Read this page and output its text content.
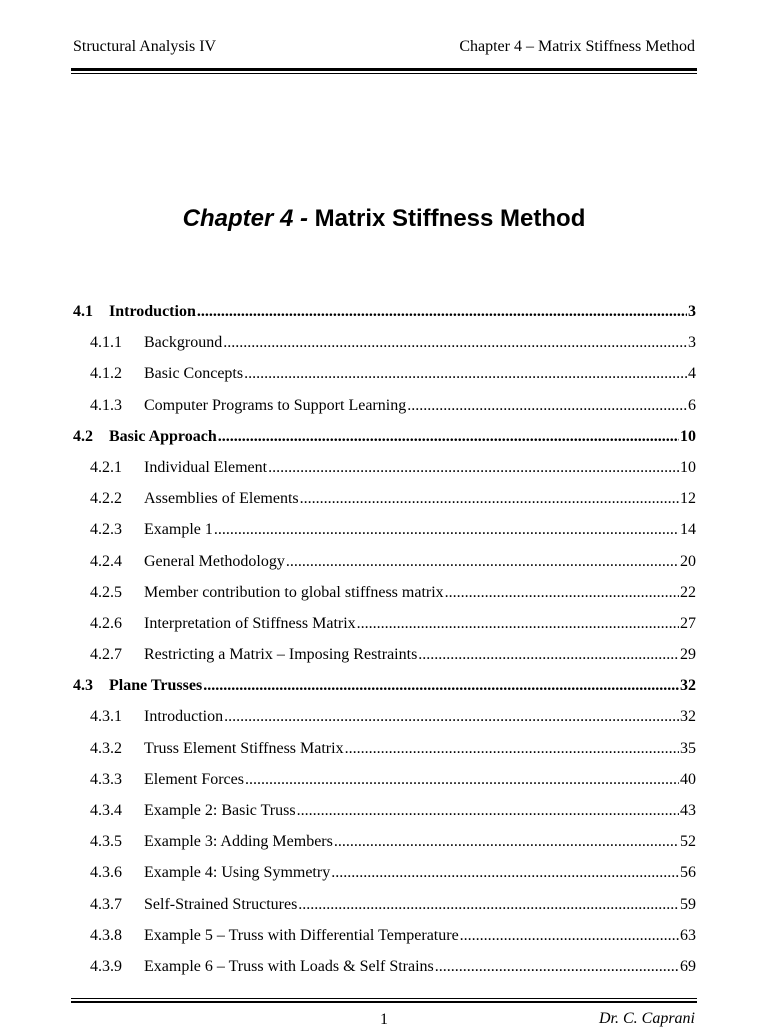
Structural Analysis IV	Chapter 4 – Matrix Stiffness Method
Chapter 4 - Matrix Stiffness Method
4.1	Introduction .....	3
4.1.1	Background .....	3
4.1.2	Basic Concepts .....	4
4.1.3	Computer Programs to Support Learning .....	6
4.2	Basic Approach .....	10
4.2.1	Individual Element .....	10
4.2.2	Assemblies of Elements .....	12
4.2.3	Example 1 .....	14
4.2.4	General Methodology .....	20
4.2.5	Member contribution to global stiffness matrix .....	22
4.2.6	Interpretation of Stiffness Matrix .....	27
4.2.7	Restricting a Matrix – Imposing Restraints .....	29
4.3	Plane Trusses .....	32
4.3.1	Introduction .....	32
4.3.2	Truss Element Stiffness Matrix .....	35
4.3.3	Element Forces .....	40
4.3.4	Example 2: Basic Truss .....	43
4.3.5	Example 3: Adding Members .....	52
4.3.6	Example 4: Using Symmetry .....	56
4.3.7	Self-Strained Structures .....	59
4.3.8	Example 5 – Truss with Differential Temperature .....	63
4.3.9	Example 6 – Truss with Loads & Self Strains .....	69
1	Dr. C. Caprani
